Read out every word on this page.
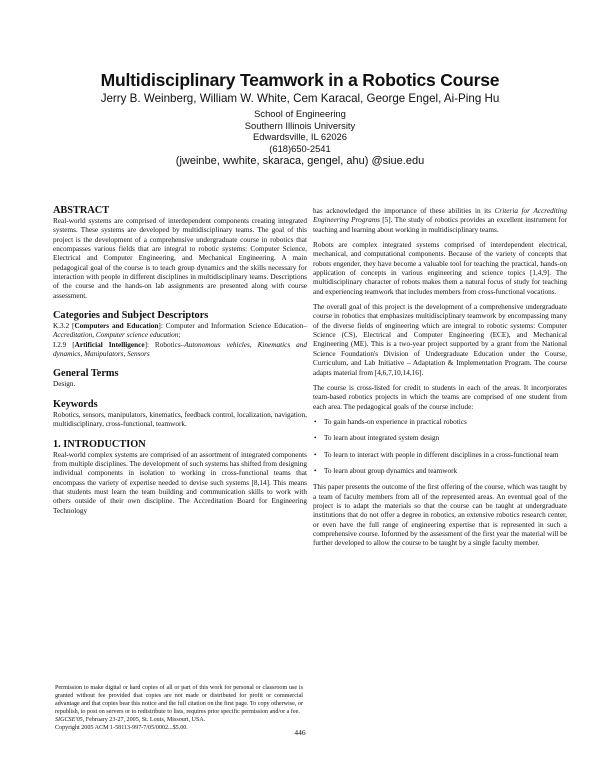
Multidisciplinary Teamwork in a Robotics Course
Jerry B. Weinberg, William W. White, Cem Karacal, George Engel, Ai-Ping Hu
School of Engineering
Southern Illinois University
Edwardsville, IL 62026
(618)650-2541
(jweinbe, wwhite, skaraca, gengel, ahu) @siue.edu
ABSTRACT

Real-world systems are comprised of interdependent components creating integrated systems. These systems are developed by multidisciplinary teams. The goal of this project is the development of a comprehensive undergraduate course in robotics that encompasses various fields that are integral to robotic systems: Computer Science, Electrical and Computer Engineering, and Mechanical Engineering. A main pedagogical goal of the course is to teach group dynamics and the skills necessary for interaction with people in different disciplines in multidisciplinary teams. Descriptions of the course and the hands-on lab assignments are presented along with course assessment.

Categories and Subject Descriptors

K.3.2 [Computers and Education]: Computer and Information Science Education–Accreditation, Computer science education;

I.2.9 [Artificial Intelligence]: Robotics–Autonomous vehicles, Kinematics and dynamics, Manipulators, Sensors

General Terms

Design.

Keywords

Robotics, sensors, manipulators, kinematics, feedback control, localization, navigation, multidisciplinary, cross-functional, teamwork.

1. INTRODUCTION

Real-world complex systems are comprised of an assortment of integrated components from multiple disciplines. The development of such systems has shifted from designing individual components in isolation to working in cross-functional teams that encompass the variety of expertise needed to devise such systems [8,14]. This means that students must learn the team building and communication skills to work with others outside of their own discipline. The Accreditation Board for Engineering Technology

Permission to make digital or hard copies of all or part of this work for personal or classroom use is granted without fee provided that copies are not made or distributed for profit or commercial advantage and that copies bear this notice and the full citation on the first page. To copy otherwise, or republish, to post on servers or to redistribute to lists, requires prior specific permission and/or a fee.

SIGCSE'05, February 23-27, 2005, St. Louis, Missouri, USA.

Copyright 2005 ACM 1-58113-997-7/05/0002...$5.00.

has acknowledged the importance of these abilities in its Criteria for Accrediting Engineering Programs [5]. The study of robotics provides an excellent instrument for teaching and learning about working in multidisciplinary teams.

Robots are complex integrated systems comprised of interdependent electrical, mechanical, and computational components. Because of the variety of concepts that robots engender, they have become a valuable tool for teaching the practical, hands-on application of concepts in various engineering and science topics [1,4,9]. The multidisciplinary character of robots makes them a natural focus of study for teaching and experiencing teamwork that includes members from cross-functional vocations.

The overall goal of this project is the development of a comprehensive undergraduate course in robotics that emphasizes multidisciplinary teamwork by encompassing many of the diverse fields of engineering which are integral to robotic systems: Computer Science (CS), Electrical and Computer Engineering (ECE), and Mechanical Engineering (ME). This is a two-year project supported by a grant from the National Science Foundation's Division of Undergraduate Education under the Course, Curriculum, and Lab Initiative – Adaptation & Implementation Program. The course adapts material from [4,6,7,10,14,16].

The course is cross-listed for credit to students in each of the areas. It incorporates team-based robotics projects in which the teams are comprised of one student from each area. The pedagogical goals of the course include:

• To gain hands-on experience in practical robotics
• To learn about integrated system design
• To learn to interact with people in different disciplines in a cross-functional team
• To learn about group dynamics and teamwork

This paper presents the outcome of the first offering of the course, which was taught by a team of faculty members from all of the represented areas. An eventual goal of the project is to adapt the materials so that the course can be taught at undergraduate institutions that do not offer a degree in robotics, an extensive robotics research center, or even have the full range of engineering expertise that is represented in such a comprehensive course. Informed by the assessment of the first year the material will be further developed to allow the course to be taught by a single faculty member.

446
